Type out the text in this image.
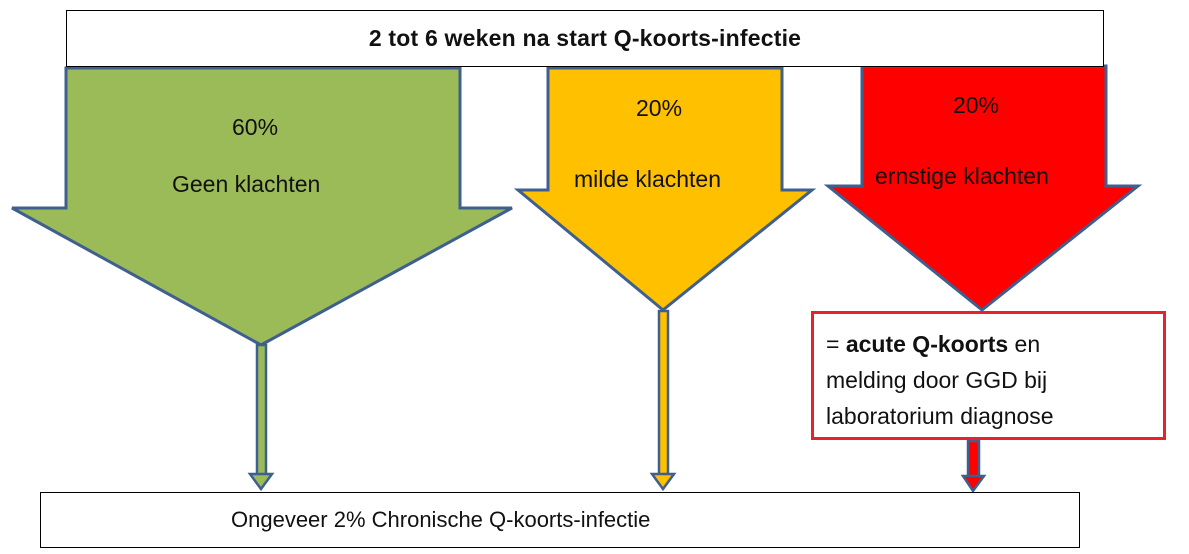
2 tot 6 weken na start Q-koorts-infectie
60%
Geen klachten
20%
milde klachten
20%
ernstige klachten
= acute Q-koorts en
melding door GGD bij
laboratorium diagnose
Ongeveer 2% Chronische Q-koorts-infectie
